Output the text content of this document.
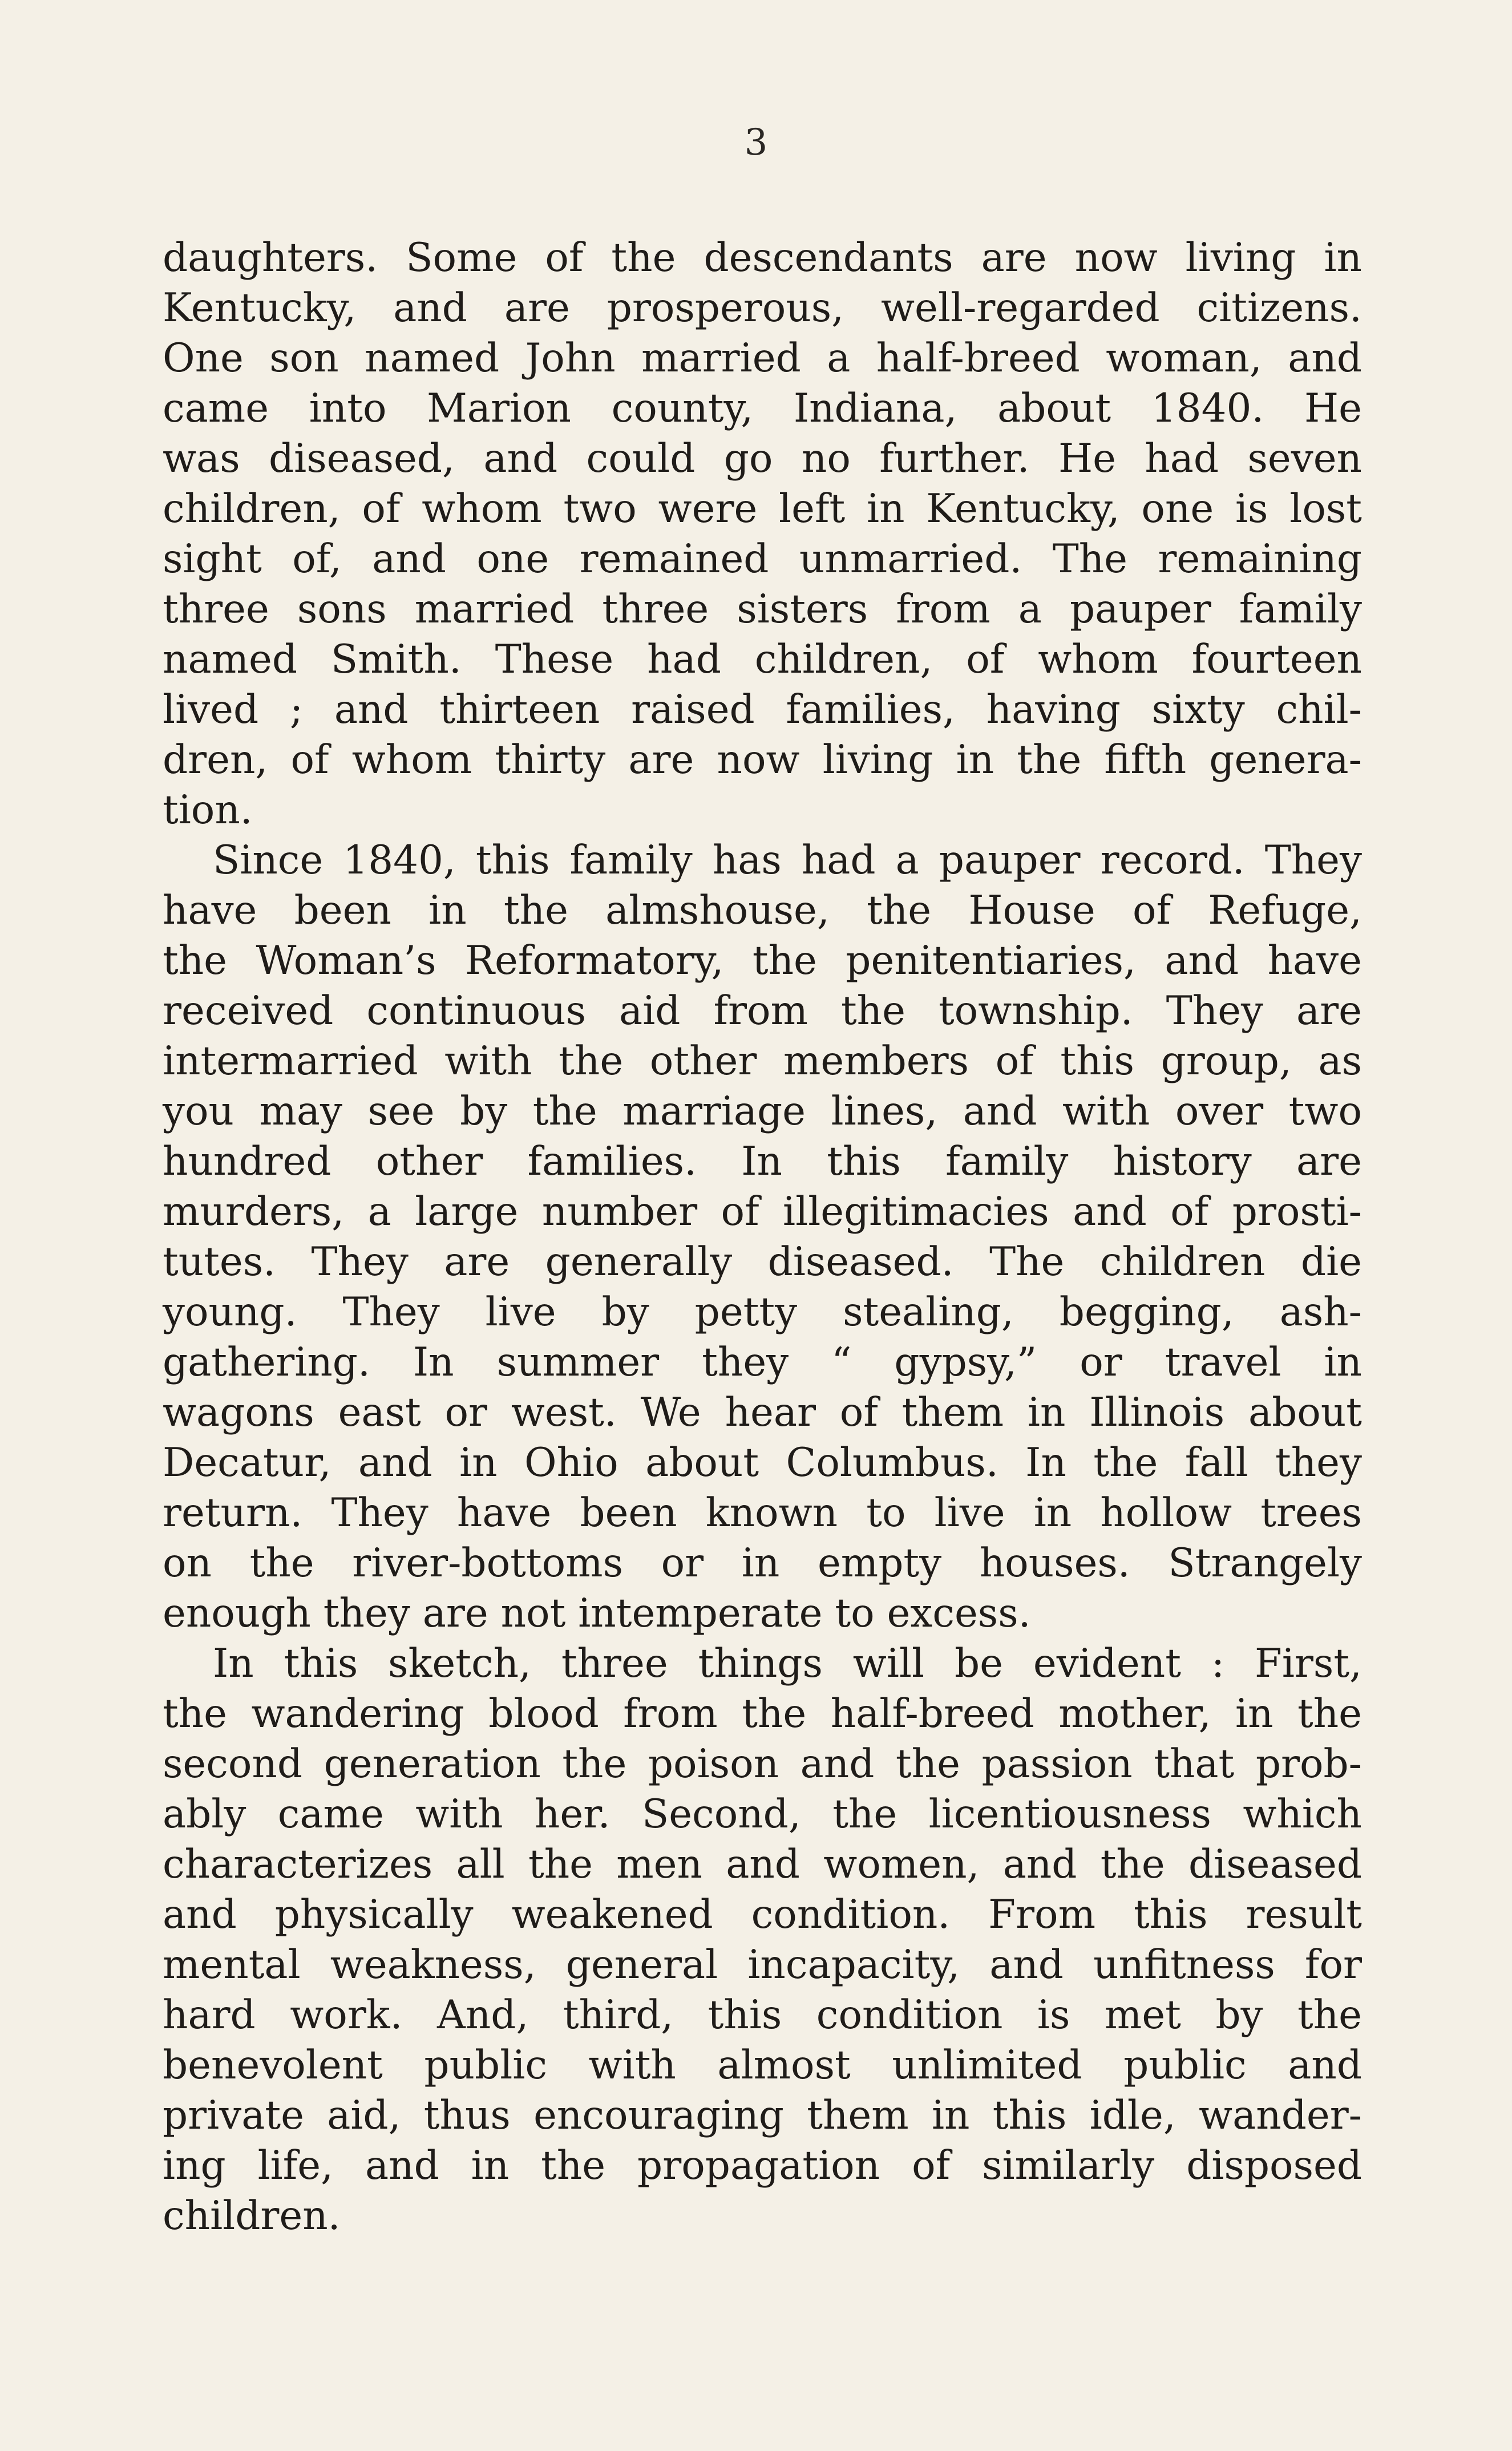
3
daughters. Some of the descendants are now living in
Kentucky, and are prosperous, well-regarded citizens.
One son named John married a half-breed woman, and
came into Marion county, Indiana, about 1840. He
was diseased, and could go no further. He had seven
children, of whom two were left in Kentucky, one is lost
sight of, and one remained unmarried. The remaining
three sons married three sisters from a pauper family
named Smith. These had children, of whom fourteen
lived ; and thirteen raised families, having sixty chil-
dren, of whom thirty are now living in the fifth genera-
tion.
Since 1840, this family has had a pauper record. They
have been in the almshouse, the House of Refuge,
the Woman’s Reformatory, the penitentiaries, and have
received continuous aid from the township. They are
intermarried with the other members of this group, as
you may see by the marriage lines, and with over two
hundred other families. In this family history are
murders, a large number of illegitimacies and of prosti-
tutes. They are generally diseased. The children die
young. They live by petty stealing, begging, ash-
gathering. In summer they “ gypsy,” or travel in
wagons east or west. We hear of them in Illinois about
Decatur, and in Ohio about Columbus. In the fall they
return. They have been known to live in hollow trees
on the river-bottoms or in empty houses. Strangely
enough they are not intemperate to excess.
In this sketch, three things will be evident : First,
the wandering blood from the half-breed mother, in the
second generation the poison and the passion that prob-
ably came with her. Second, the licentiousness which
characterizes all the men and women, and the diseased
and physically weakened condition. From this result
mental weakness, general incapacity, and unfitness for
hard work. And, third, this condition is met by the
benevolent public with almost unlimited public and
private aid, thus encouraging them in this idle, wander-
ing life, and in the propagation of similarly disposed
children.
